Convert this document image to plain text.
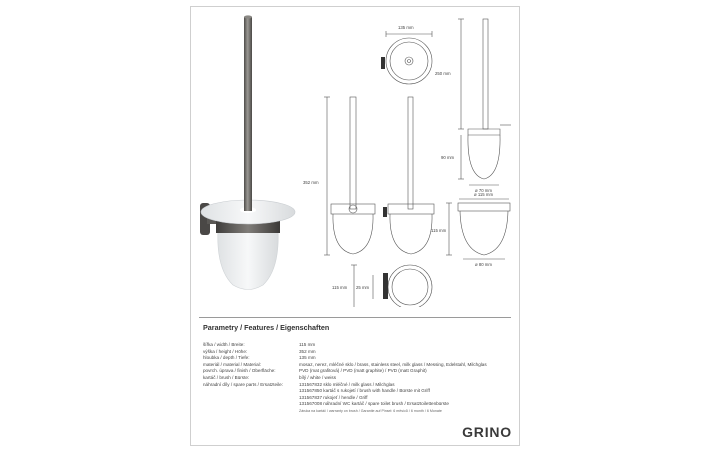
135 mm
250 mm
90 mm
ø 70 mm
352 mm
ø 115 mm
115 mm
ø 80 mm
115 mm 25 mm
Parametry / Features / Eigenschaften
šířka / width / Breite:	115 mm
výška / height / Höhe:	352 mm
hloubka / depth / Tiefe:	135 mm
materiál / material / Material:	mosaz, nerez, mléčné sklo / brass, stainless steel, milk glass / Messing, Edelstahl, Milchglas
povrch. úprava / finish / Oberfläche:	PVD (mat grafitová) / PVD (matt graphite) / PVD (matt Graphit)
kartáč / brush / Bürste:	bílý / white / weiss
náhradní díly / spare parts / Ersatzteile:	131567832 sklo mléčné / milk glass / Milchglas
131567850 kartáč s rukojetí / brush with handle / Bürste mit Griff
131567837 rukojeť / hendle / Griff
131567008 náhradní WC kartáč / spare toilet brush / Ersatztoilettenbürste
Záruka na kartáč / warranty on brush / Garantie auf Pinsel: 6 měsíců / 6 month / 6 Monate
GRINO
